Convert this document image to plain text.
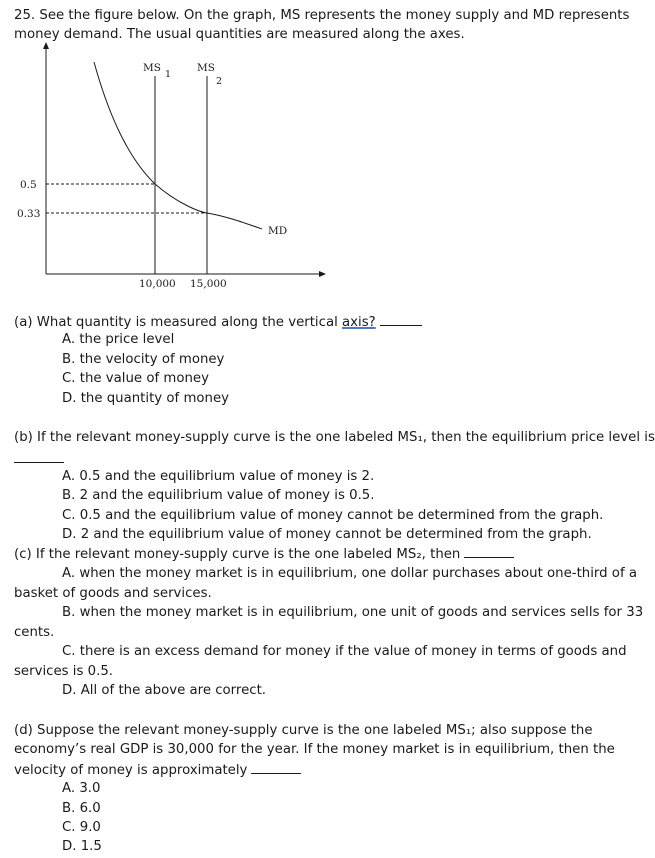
25. See the figure below. On the graph, MS represents the money supply and MD represents
money demand. The usual quantities are measured along the axes.
MS
1
MS
2
MD
0.5
0.33
10,000 15,000
(a) What quantity is measured along the vertical axis?
A. the price level
B. the velocity of money
C. the value of money
D. the quantity of money
(b) If the relevant money-supply curve is the one labeled MS₁, then the equilibrium price level is
A. 0.5 and the equilibrium value of money is 2.
B. 2 and the equilibrium value of money is 0.5.
C. 0.5 and the equilibrium value of money cannot be determined from the graph.
D. 2 and the equilibrium value of money cannot be determined from the graph.
(c) If the relevant money-supply curve is the one labeled MS₂, then
A. when the money market is in equilibrium, one dollar purchases about one-third of a
basket of goods and services.
B. when the money market is in equilibrium, one unit of goods and services sells for 33
cents.
C. there is an excess demand for money if the value of money in terms of goods and
services is 0.5.
D. All of the above are correct.
(d) Suppose the relevant money-supply curve is the one labeled MS₁; also suppose the
economy’s real GDP is 30,000 for the year. If the money market is in equilibrium, then the
velocity of money is approximately
A. 3.0
B. 6.0
C. 9.0
D. 1.5
